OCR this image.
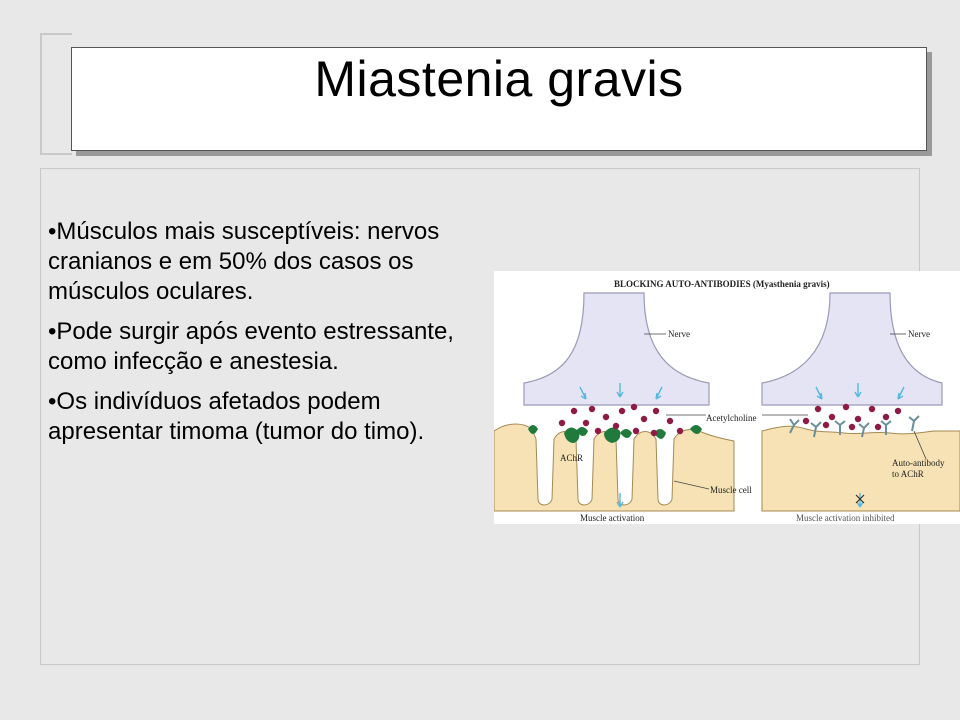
Miastenia gravis

•Músculos mais susceptíveis: nervos cranianos e em 50% dos casos os músculos oculares.

•Pode surgir após evento estressante, como infecção e anestesia.

•Os indivíduos afetados podem apresentar timoma (tumor do timo).

BLOCKING AUTO-ANTIBODIES (Myasthenia gravis)
Nerve
Acetylcholine
AChR
Muscle cell
Muscle activation
Nerve
Auto-antibody
to AChR
Muscle activation inhibited
